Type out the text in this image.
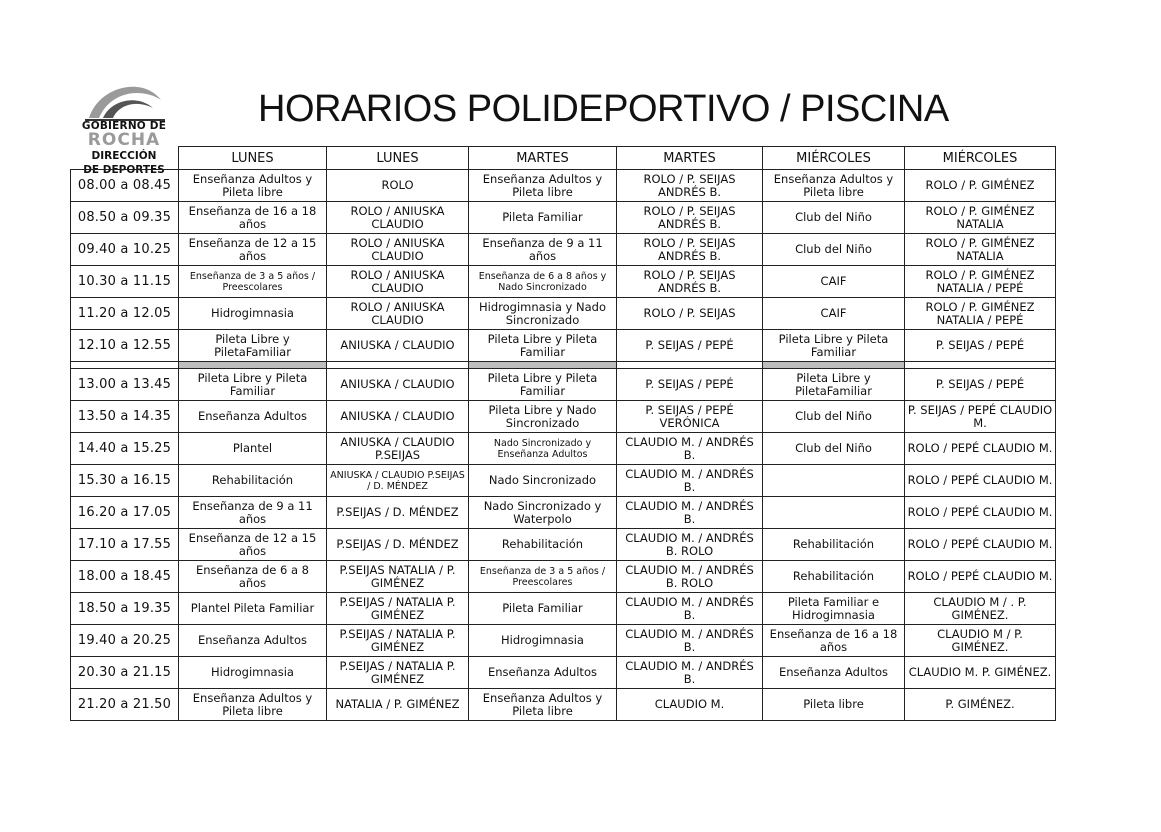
GOBIERNO DE
ROCHA
DIRECCIÓN
DE DEPORTES
HORARIOS POLIDEPORTIVO / PISCINA
	LUNES	LUNES	MARTES	MARTES	MIÉRCOLES	MIÉRCOLES
08.00 a 08.45	Enseñanza Adultos y Pileta libre	ROLO	Enseñanza Adultos y Pileta libre	ROLO / P. SEIJAS ANDRÉS B.	Enseñanza Adultos y Pileta libre	ROLO / P. GIMÉNEZ
08.50 a 09.35	Enseñanza de 16 a 18 años	ROLO / ANIUSKA CLAUDIO	Pileta Familiar	ROLO / P. SEIJAS ANDRÉS B.	Club del Niño	ROLO / P. GIMÉNEZ NATALIA
09.40 a 10.25	Enseñanza de 12 a 15 años	ROLO / ANIUSKA CLAUDIO	Enseñanza de 9 a 11 años	ROLO / P. SEIJAS ANDRÉS B.	Club del Niño	ROLO / P. GIMÉNEZ NATALIA
10.30 a 11.15	Enseñanza de 3 a 5 años / Preescolares	ROLO / ANIUSKA CLAUDIO	Enseñanza de 6 a 8 años y Nado Sincronizado	ROLO / P. SEIJAS ANDRÉS B.	CAIF	ROLO / P. GIMÉNEZ NATALIA / PEPÉ
11.20 a 12.05	Hidrogimnasia	ROLO / ANIUSKA CLAUDIO	Hidrogimnasia y Nado Sincronizado	ROLO / P. SEIJAS	CAIF	ROLO / P. GIMÉNEZ NATALIA / PEPÉ
12.10 a 12.55	Pileta Libre y PiletaFamiliar	ANIUSKA / CLAUDIO	Pileta Libre y Pileta Familiar	P. SEIJAS / PEPÉ	Pileta Libre y Pileta Familiar	P. SEIJAS / PEPÉ

13.00 a 13.45	Pileta Libre y Pileta Familiar	ANIUSKA / CLAUDIO	Pileta Libre y Pileta Familiar	P. SEIJAS / PEPÉ	Pileta Libre y PiletaFamiliar	P. SEIJAS / PEPÉ
13.50 a 14.35	Enseñanza Adultos	ANIUSKA / CLAUDIO	Pileta Libre y Nado Sincronizado	P. SEIJAS / PEPÉ VERÓNICA	Club del Niño	P. SEIJAS / PEPÉ CLAUDIO M.
14.40 a 15.25	Plantel	ANIUSKA / CLAUDIO P.SEIJAS	Nado Sincronizado y Enseñanza Adultos	CLAUDIO M. / ANDRÉS B.	Club del Niño	ROLO / PEPÉ CLAUDIO M.
15.30 a 16.15	Rehabilitación	ANIUSKA / CLAUDIO P.SEIJAS / D. MÉNDEZ	Nado Sincronizado	CLAUDIO M. / ANDRÉS B.		ROLO / PEPÉ CLAUDIO M.
16.20 a 17.05	Enseñanza de 9 a 11 años	P.SEIJAS / D. MÉNDEZ	Nado Sincronizado y Waterpolo	CLAUDIO M. / ANDRÉS B.		ROLO / PEPÉ CLAUDIO M.
17.10 a 17.55	Enseñanza de 12 a 15 años	P.SEIJAS / D. MÉNDEZ	Rehabilitación	CLAUDIO M. / ANDRÉS B. ROLO	Rehabilitación	ROLO / PEPÉ CLAUDIO M.
18.00 a 18.45	Enseñanza de 6 a 8 años	P.SEIJAS NATALIA / P. GIMÉNEZ	Enseñanza de 3 a 5 años / Preescolares	CLAUDIO M. / ANDRÉS B. ROLO	Rehabilitación	ROLO / PEPÉ CLAUDIO M.
18.50 a 19.35	Plantel Pileta Familiar	P.SEIJAS / NATALIA P. GIMÉNEZ	Pileta Familiar	CLAUDIO M. / ANDRÉS B.	Pileta Familiar e Hidrogimnasia	CLAUDIO M / . P. GIMÉNEZ.
19.40 a 20.25	Enseñanza Adultos	P.SEIJAS / NATALIA P. GIMÉNEZ	Hidrogimnasia	CLAUDIO M. / ANDRÉS B.	Enseñanza de 16 a 18 años	CLAUDIO M / P. GIMÉNEZ.
20.30 a 21.15	Hidrogimnasia	P.SEIJAS / NATALIA P. GIMÉNEZ	Enseñanza Adultos	CLAUDIO M. / ANDRÉS B.	Enseñanza Adultos	CLAUDIO M. P. GIMÉNEZ.
21.20 a 21.50	Enseñanza Adultos y Pileta libre	NATALIA / P. GIMÉNEZ	Enseñanza Adultos y Pileta libre	CLAUDIO M.	Pileta libre	P. GIMÉNEZ.
